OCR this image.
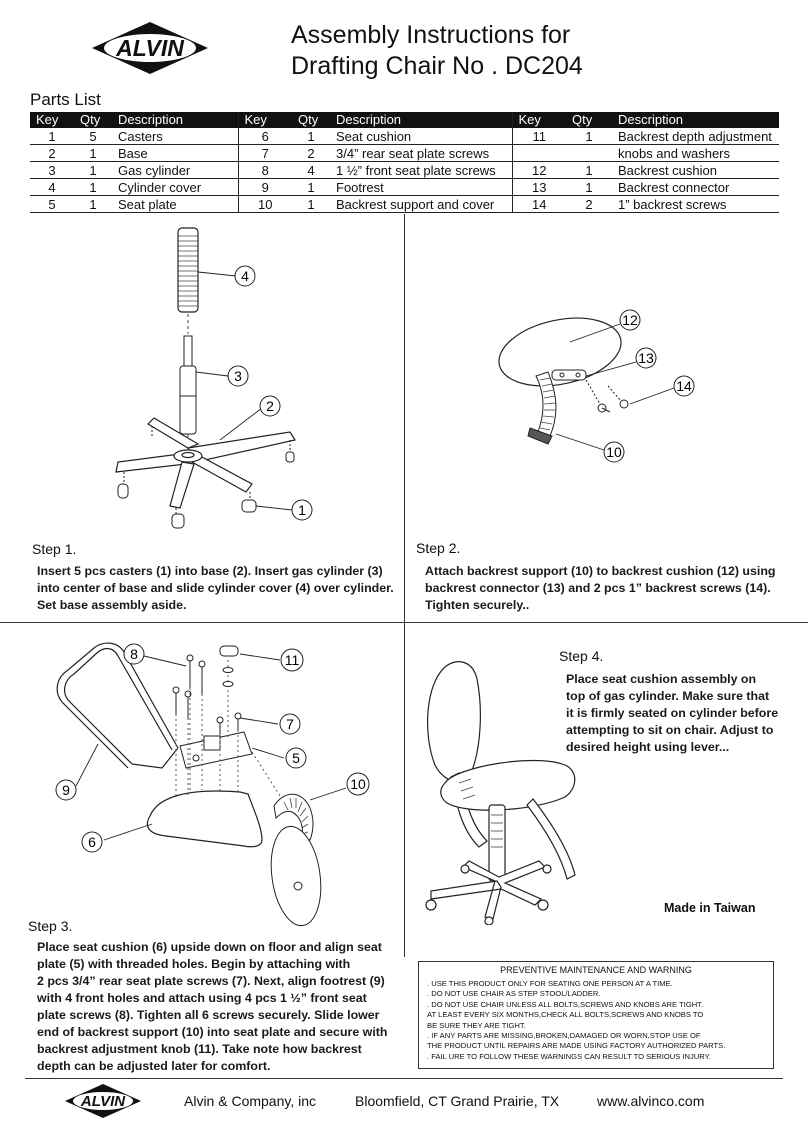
ALVIN	Assembly Instructions for
Drafting Chair No . DC204
Parts List
Key	Qty	Description	Key	Qty	Description	Key	Qty	Description
1	5	Casters	6	1	Seat cushion	11	1	Backrest depth adjustment
2	1	Base	7	2	3/4” rear seat plate screws			knobs and washers
3	1	Gas cylinder	8	4	1 ½” front seat plate screws	12	1	Backrest cushion
4	1	Cylinder cover	9	1	Footrest	13	1	Backrest connector
5	1	Seat plate	10	1	Backrest support and cover	14	2	1” backrest screws
4
3
2
1
Step 1.
Insert 5 pcs casters (1) into base (2). Insert gas cylinder (3)
into center of base and slide cylinder cover (4) over cylinder.
Set base assembly aside.
12
13
14
10
Step 2.
Attach backrest support (10) to backrest cushion (12) using
backrest connector (13) and 2 pcs 1” backrest screws (14).
Tighten securely..
8	11
7
5
9	10
6
Step 3.
Place seat cushion (6) upside down on floor and align seat
plate (5) with threaded holes. Begin by attaching with
2 pcs 3/4” rear seat plate screws (7). Next, align footrest (9)
with 4 front holes and attach using 4 pcs 1 ½” front seat
plate screws (8). Tighten all 6 screws securely. Slide lower
end of backrest support (10) into seat plate and secure with
backrest adjustment knob (11). Take note how backrest
depth can be adjusted later for comfort.
Step 4.
Place seat cushion assembly on
top of gas cylinder. Make sure that
it is firmly seated on cylinder before
attempting to sit on chair. Adjust to
desired height using lever...
Made in Taiwan
PREVENTIVE MAINTENANCE AND WARNING
. USE THIS PRODUCT ONLY FOR SEATING ONE PERSON AT A TIME.
. DO NOT USE CHAIR AS STEP STOOL/LADDER.
. DO NOT USE CHAIR UNLESS ALL BOLTS,SCREWS AND KNOBS ARE TIGHT.
AT LEAST EVERY SIX MONTHS,CHECK ALL BOLTS,SCREWS AND KNOBS TO
BE SURE THEY ARE TIGHT.
. IF ANY PARTS ARE MISSING,BROKEN,DAMAGED OR WORN,STOP USE OF
THE PRODUCT UNTIL REPAIRS ARE MADE USING FACTORY AUTHORIZED PARTS.
. FAIL URE TO FOLLOW THESE WARNINGS CAN RESULT TO SERIOUS INJURY.
ALVIN	Alvin & Company, inc	Bloomfield, CT Grand Prairie, TX	www.alvinco.com
